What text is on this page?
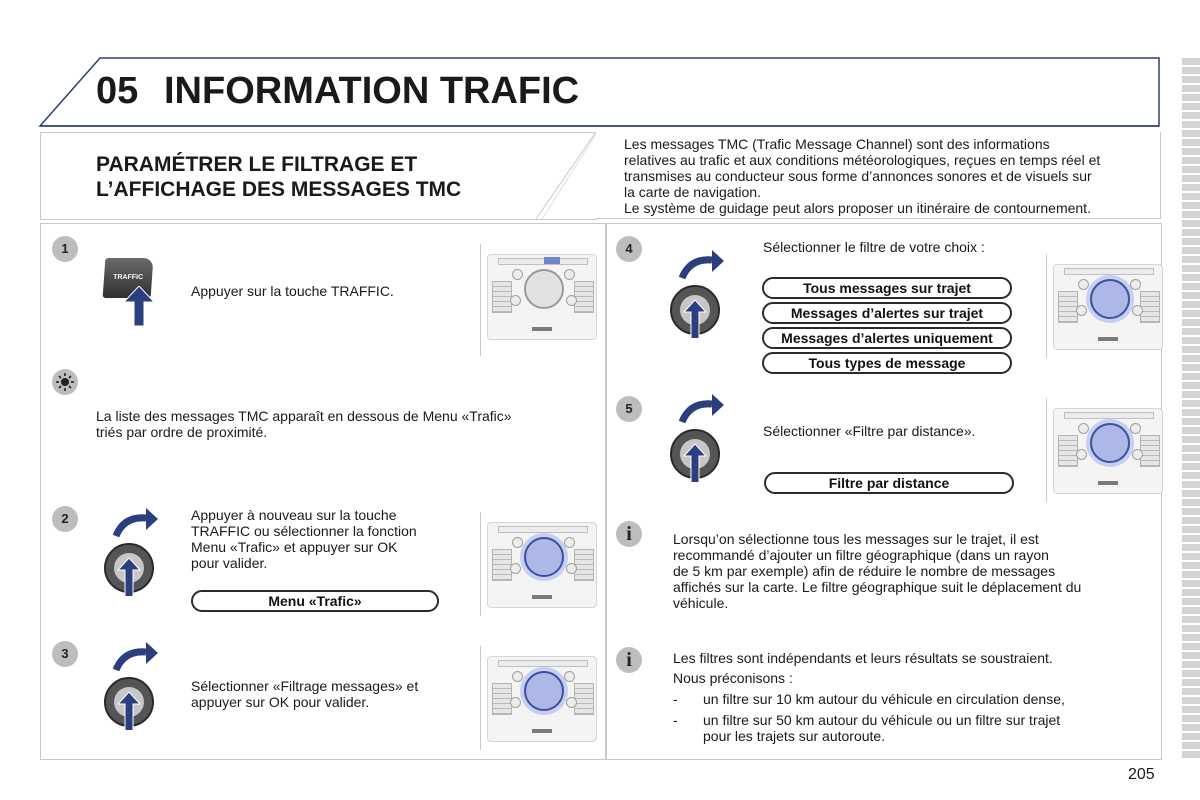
05 INFORMATION TRAFIC
PARAMÉTRER LE FILTRAGE ET
L’AFFICHAGE DES MESSAGES TMC
Les messages TMC (Trafic Message Channel) sont des informations
relatives au trafic et aux conditions météorologiques, reçues en temps réel et
transmises au conducteur sous forme d’annonces sonores et de visuels sur
la carte de navigation.
Le système de guidage peut alors proposer un itinéraire de contournement.
1
TRAFFIC
Appuyer sur la touche TRAFFIC.
La liste des messages TMC apparaît en dessous de Menu «Trafic»
triés par ordre de proximité.
2	Appuyer à nouveau sur la touche
TRAFFIC ou sélectionner la fonction
Menu «Trafic» et appuyer sur OK
pour valider.
Menu «Trafic»
3
Sélectionner «Filtrage messages» et
appuyer sur OK pour valider.
4	Sélectionner le filtre de votre choix :
Tous messages sur trajet
Messages d’alertes sur trajet
Messages d’alertes uniquement
Tous types de message
5
Sélectionner «Filtre par distance».
Filtre par distance
i	Lorsqu’on sélectionne tous les messages sur le trajet, il est
recommandé d’ajouter un filtre géographique (dans un rayon
de 5 km par exemple) afin de réduire le nombre de messages
affichés sur la carte. Le filtre géographique suit le déplacement du
véhicule.
i	Les filtres sont indépendants et leurs résultats se soustraient.
Nous préconisons :
- un filtre sur 10 km autour du véhicule en circulation dense,
- un filtre sur 50 km autour du véhicule ou un filtre sur trajet
pour les trajets sur autoroute.
205
